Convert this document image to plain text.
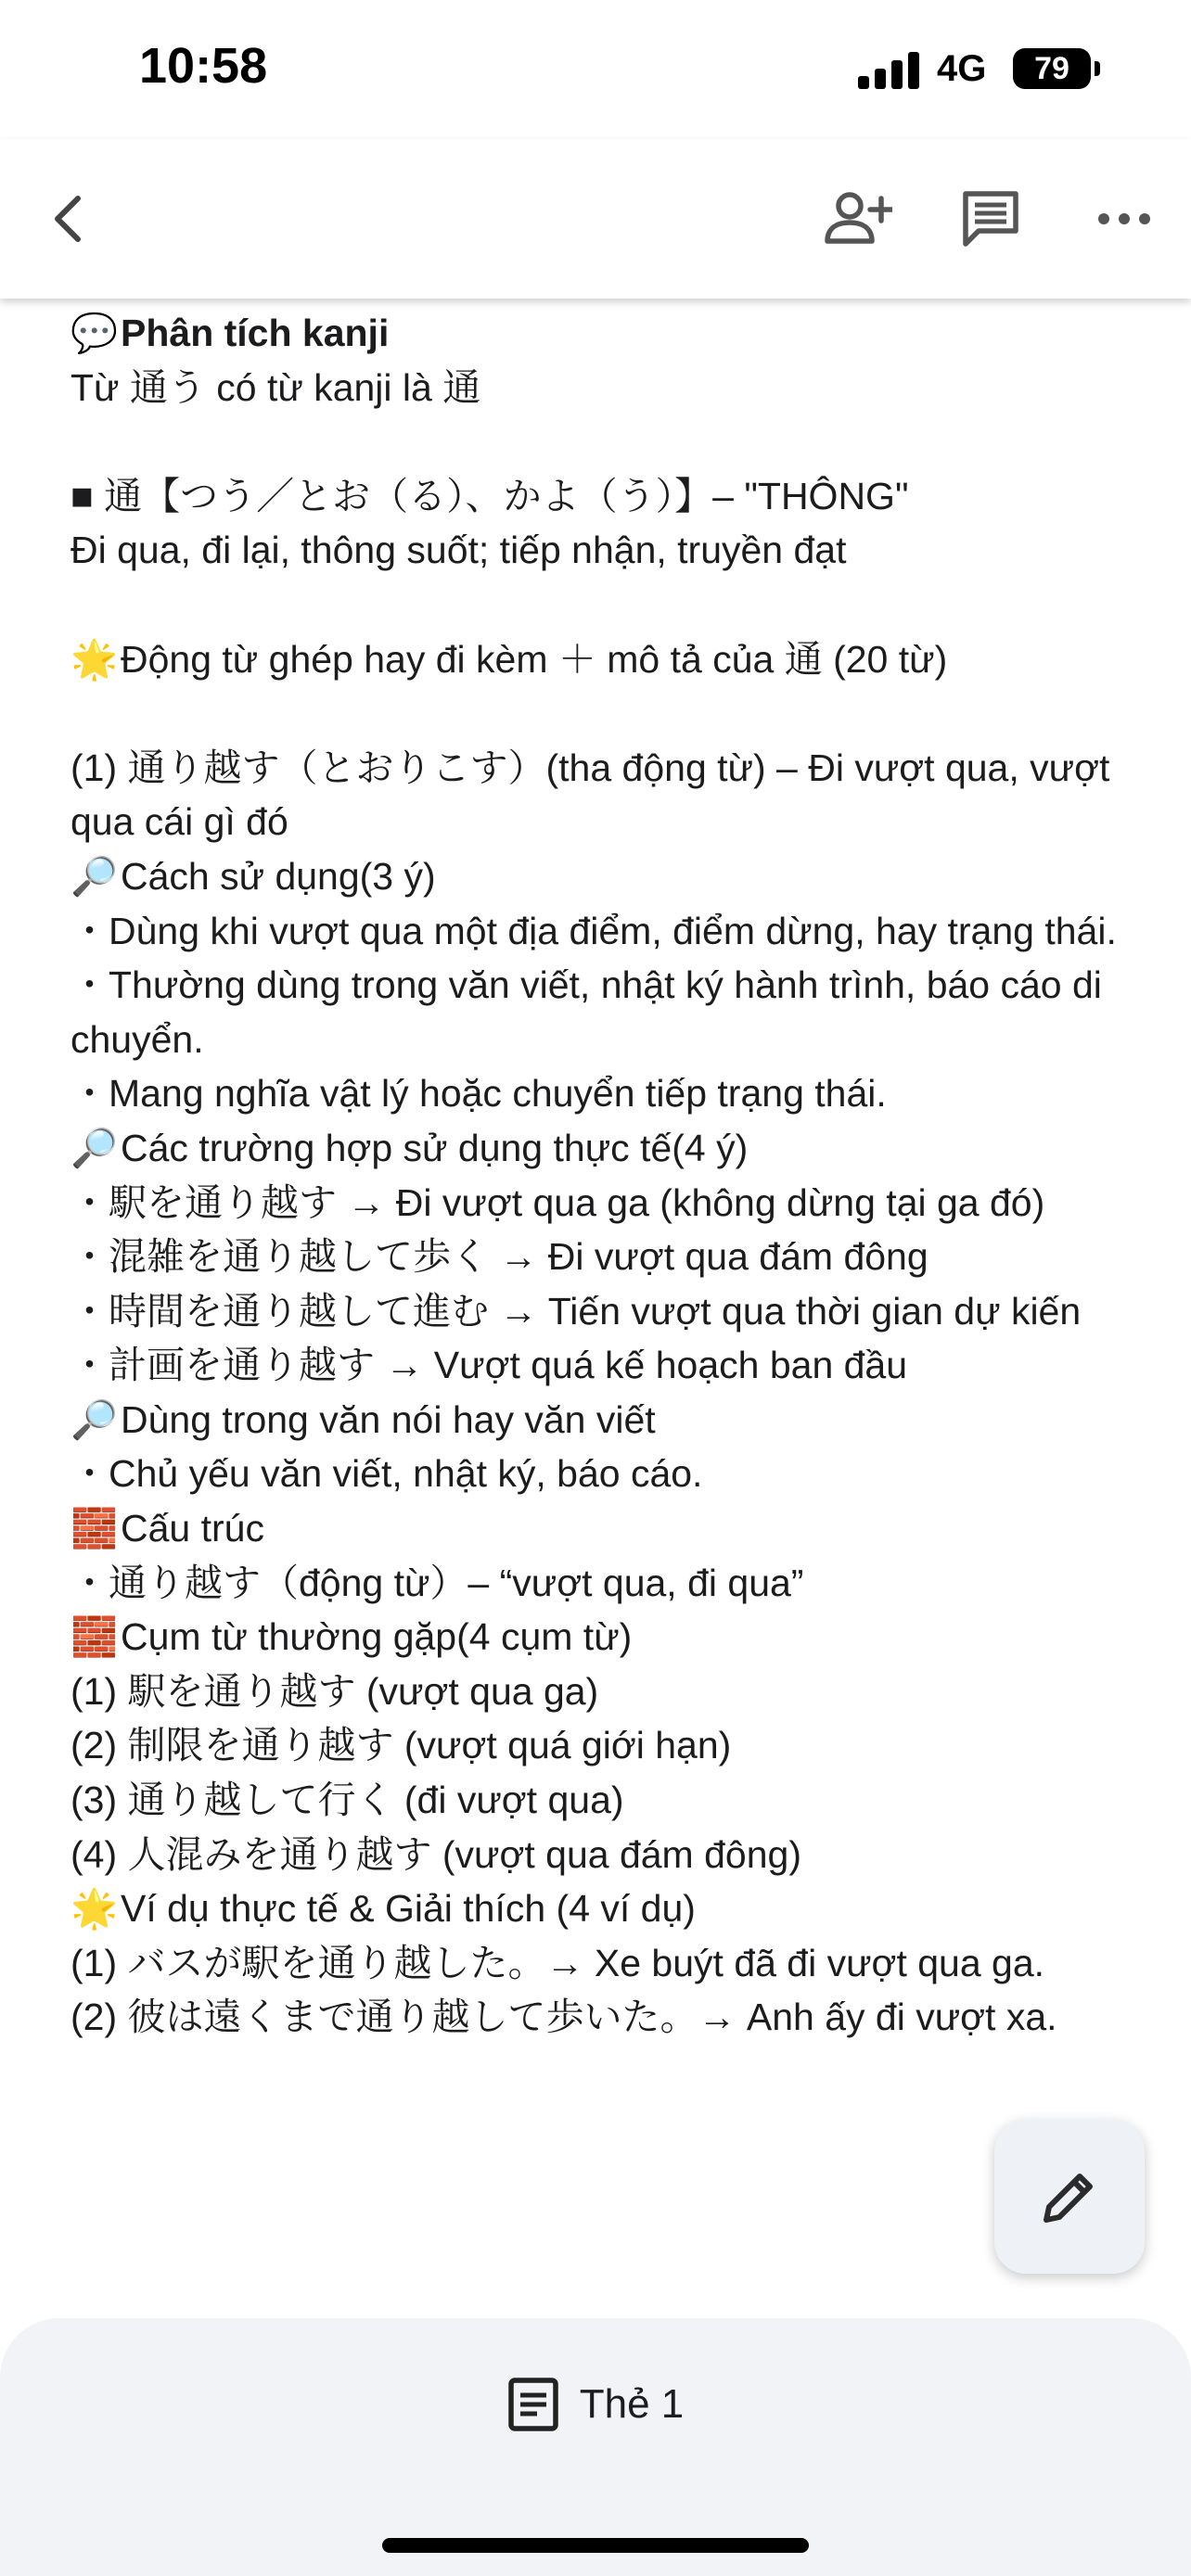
10:58	4G	79
💬Phân tích kanji
Từ 通う có từ kanji là 通
■ 通【つう／とお（る）、かよ（う）】– "THÔNG"
Đi qua, đi lại, thông suốt; tiếp nhận, truyền đạt
🌟Động từ ghép hay đi kèm ＋ mô tả của 通 (20 từ)
(1) 通り越す（とおりこす）(tha động từ) – Đi vượt qua, vượt qua cái gì đó
🔎Cách sử dụng(3 ý)
・Dùng khi vượt qua một địa điểm, điểm dừng, hay trạng thái.
・Thường dùng trong văn viết, nhật ký hành trình, báo cáo di chuyển.
・Mang nghĩa vật lý hoặc chuyển tiếp trạng thái.
🔎Các trường hợp sử dụng thực tế(4 ý)
・駅を通り越す → Đi vượt qua ga (không dừng tại ga đó)
・混雑を通り越して歩く → Đi vượt qua đám đông
・時間を通り越して進む → Tiến vượt qua thời gian dự kiến
・計画を通り越す → Vượt quá kế hoạch ban đầu
🔎Dùng trong văn nói hay văn viết
・Chủ yếu văn viết, nhật ký, báo cáo.
🧱Cấu trúc
・通り越す（động từ）– “vượt qua, đi qua”
🧱Cụm từ thường gặp(4 cụm từ)
(1) 駅を通り越す (vượt qua ga)
(2) 制限を通り越す (vượt quá giới hạn)
(3) 通り越して行く (đi vượt qua)
(4) 人混みを通り越す (vượt qua đám đông)
🌟Ví dụ thực tế & Giải thích (4 ví dụ)
(1) バスが駅を通り越した。→ Xe buýt đã đi vượt qua ga.
(2) 彼は遠くまで通り越して歩いた。→ Anh ấy đi vượt xa.
Thẻ 1
